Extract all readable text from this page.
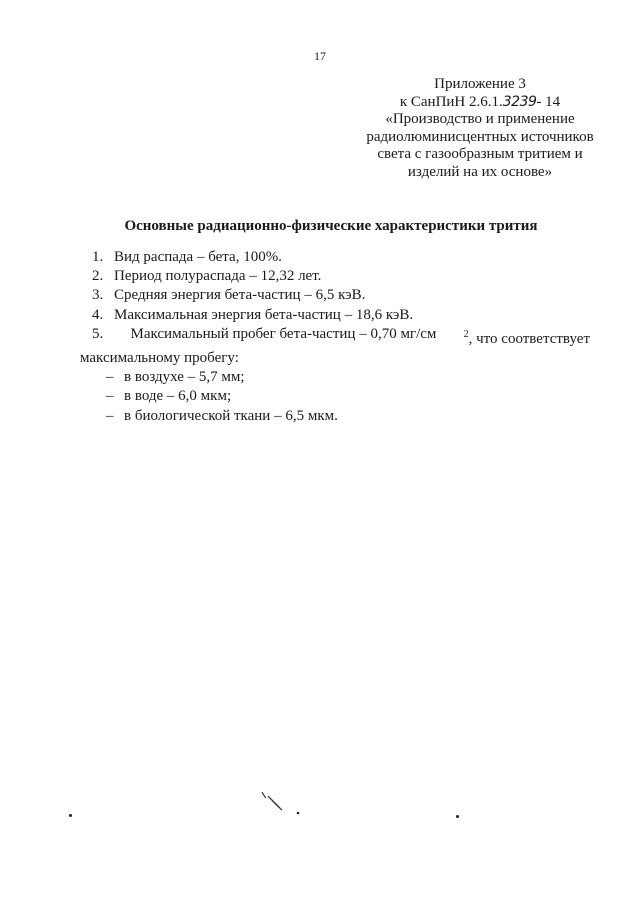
17
Приложение 3
к СанПиН 2.6.1.3239- 14
«Производство и применение
радиолюминисцентных источников
света с газообразным тритием и
изделий на их основе»
Основные радиационно-физические характеристики трития
1. Вид распада – бета, 100%.
2. Период полураспада – 12,32 лет.
3. Средняя энергия бета-частиц – 6,5 кэВ.
4. Максимальная энергия бета-частиц – 18,6 кэВ.
5. Максимальный пробег бета-частиц – 0,70 мг/см	$^2$, что соответствует
максимальному пробегу:
– в воздухе – 5,7 мм;
– в воде – 6,0 мкм;
– в биологической ткани – 6,5 мкм.
